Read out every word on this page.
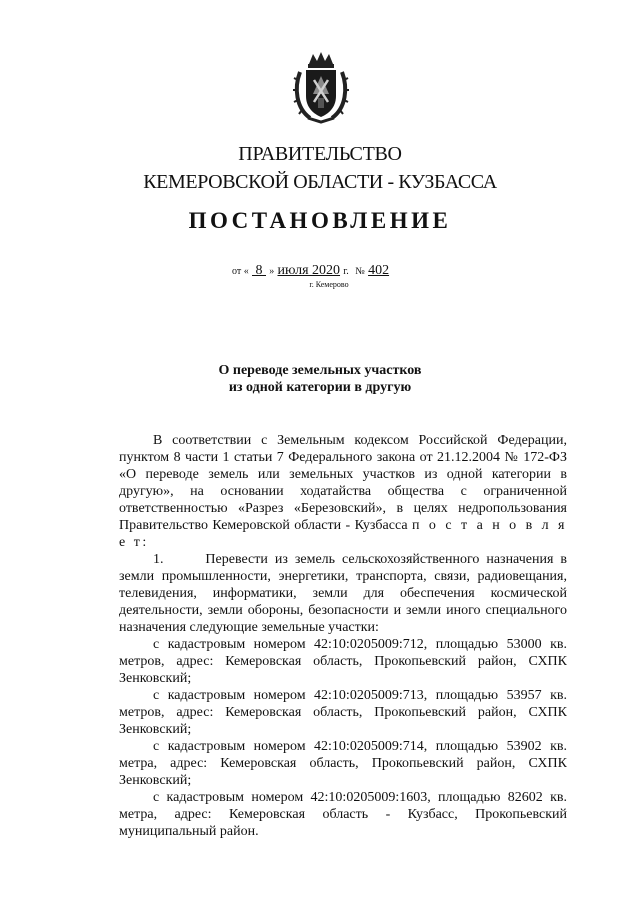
ПРАВИТЕЛЬСТВО
КЕМЕРОВСКОЙ ОБЛАСТИ - КУЗБАССА
ПОСТАНОВЛЕНИЕ
от « 8 » июля 2020 г. № 402
г. Кемерово
О переводе земельных участков
из одной категории в другую

В соответствии с Земельным кодексом Российской Федерации, пунктом 8 части 1 статьи 7 Федерального закона от 21.12.2004 № 172-ФЗ «О переводе земель или земельных участков из одной категории в другую», на основании ходатайства общества с ограниченной ответственностью «Разрез «Березовский», в целях недропользования Правительство Кемеровской области - Кузбасса п о с т а н о в л я е т:

1.      Перевести из земель сельскохозяйственного назначения в земли промышленности, энергетики, транспорта, связи, радиовещания, телевидения, информатики, земли для обеспечения космической деятельности, земли обороны, безопасности и земли иного специального назначения следующие земельные участки:

с кадастровым номером 42:10:0205009:712, площадью 53000 кв. метров, адрес: Кемеровская область, Прокопьевский район, СХПК Зенковский;

с кадастровым номером 42:10:0205009:713, площадью 53957 кв. метров, адрес: Кемеровская область, Прокопьевский район, СХПК Зенковский;

с кадастровым номером 42:10:0205009:714, площадью 53902 кв. метра, адрес: Кемеровская область, Прокопьевский район, СХПК Зенковский;

с кадастровым номером 42:10:0205009:1603, площадью 82602 кв. метра, адрес: Кемеровская область - Кузбасс, Прокопьевский муниципальный район.
